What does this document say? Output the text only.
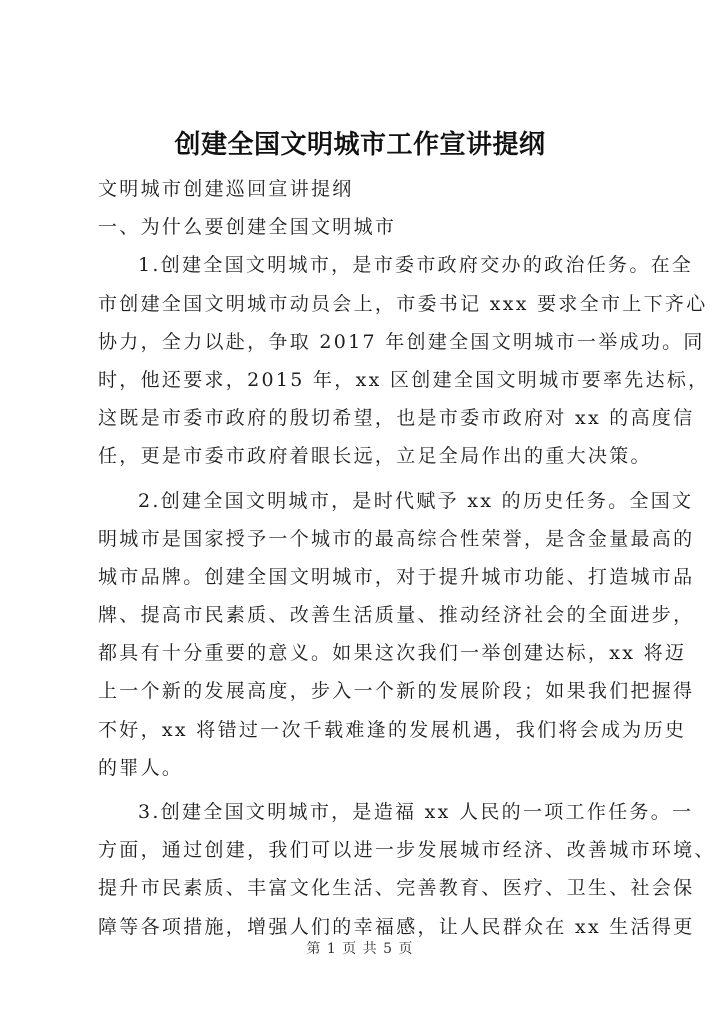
创建全国文明城市工作宣讲提纲
文明城市创建巡回宣讲提纲
一、为什么要创建全国文明城市
1.创建全国文明城市，是市委市政府交办的政治任务。在全
市创建全国文明城市动员会上，市委书记 xxx 要求全市上下齐心
协力，全力以赴，争取 2017 年创建全国文明城市一举成功。同
时，他还要求，2015 年，xx 区创建全国文明城市要率先达标，
这既是市委市政府的殷切希望，也是市委市政府对 xx 的高度信
任，更是市委市政府着眼长远，立足全局作出的重大决策。
2.创建全国文明城市，是时代赋予 xx 的历史任务。全国文
明城市是国家授予一个城市的最高综合性荣誉，是含金量最高的
城市品牌。创建全国文明城市，对于提升城市功能、打造城市品
牌、提高市民素质、改善生活质量、推动经济社会的全面进步，
都具有十分重要的意义。如果这次我们一举创建达标，xx 将迈
上一个新的发展高度，步入一个新的发展阶段；如果我们把握得
不好，xx 将错过一次千载难逢的发展机遇，我们将会成为历史
的罪人。
3.创建全国文明城市，是造福 xx 人民的一项工作任务。一
方面，通过创建，我们可以进一步发展城市经济、改善城市环境、
提升市民素质、丰富文化生活、完善教育、医疗、卫生、社会保
障等各项措施，增强人们的幸福感，让人民群众在 xx 生活得更
第 1 页 共 5 页
